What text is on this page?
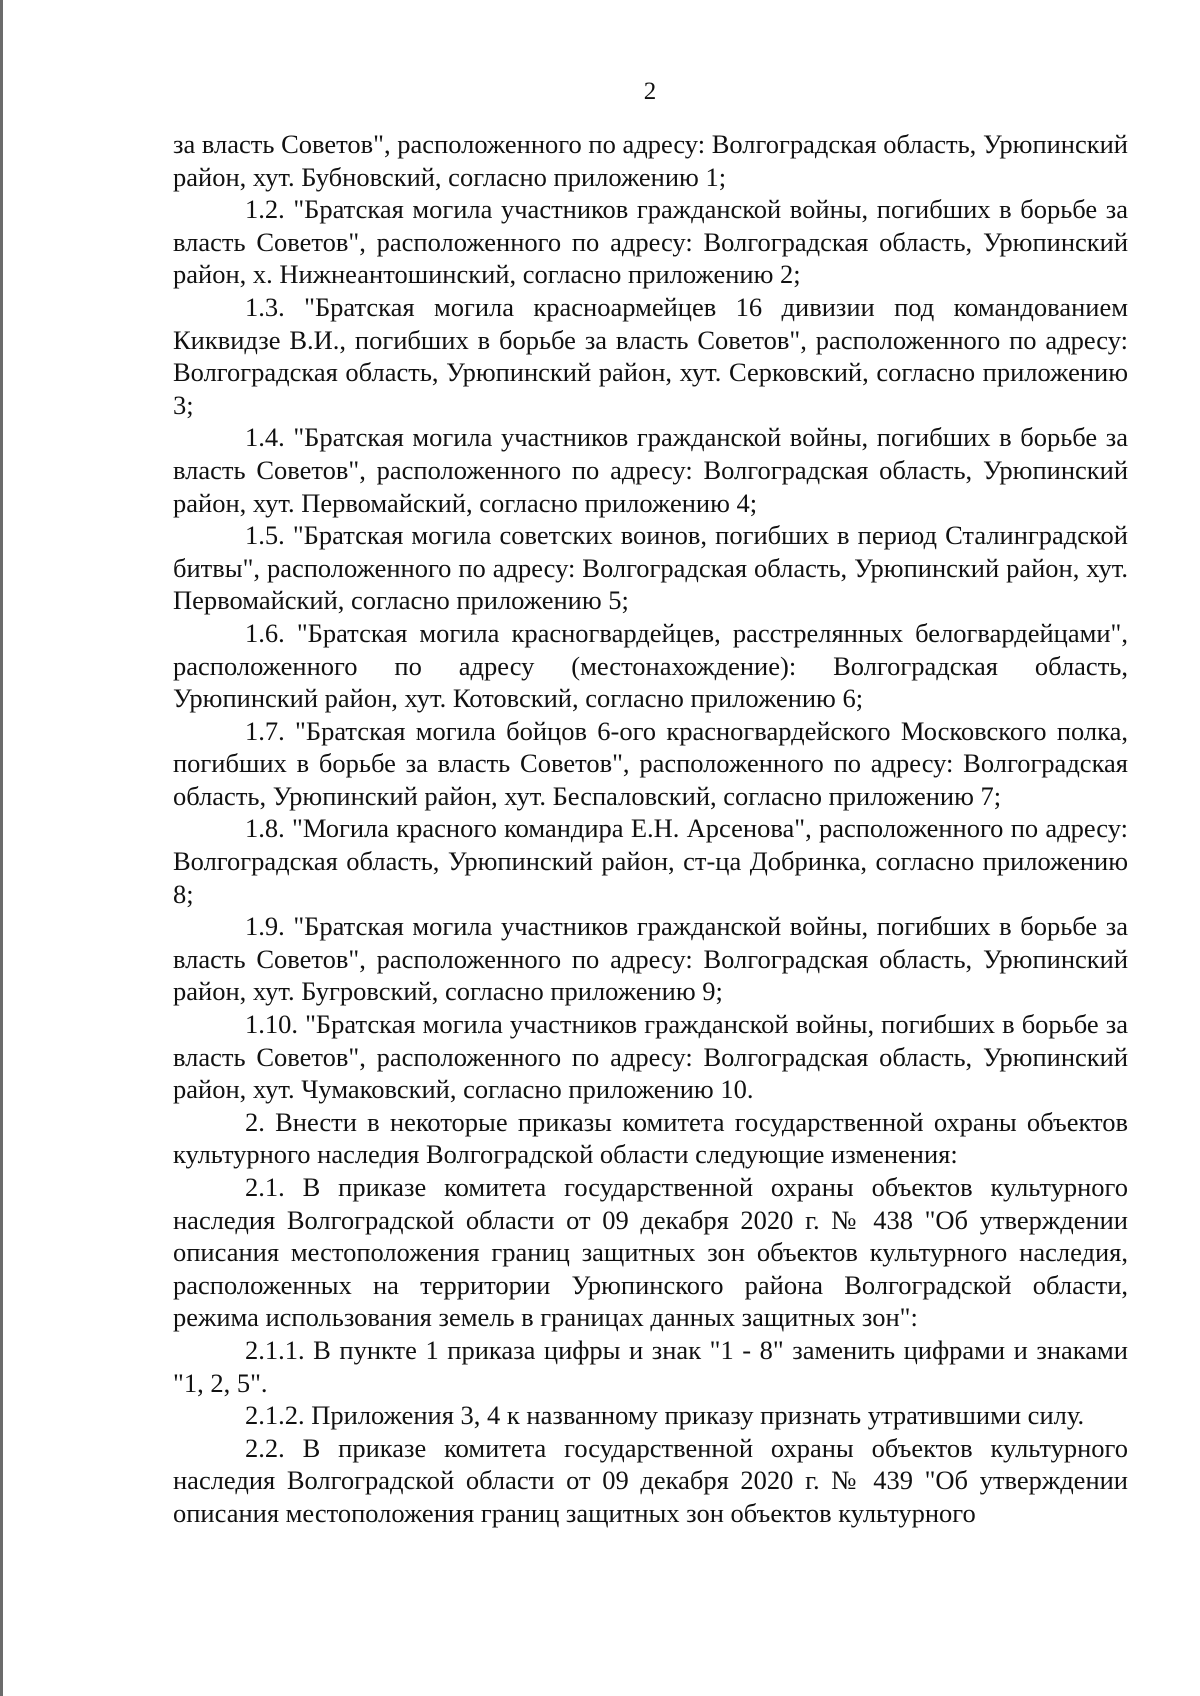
2

за власть Советов", расположенного по адресу: Волгоградская область, Урюпинский район, хут. Бубновский, согласно приложению 1;

1.2. "Братская могила участников гражданской войны, погибших в борьбе за власть Советов", расположенного по адресу: Волгоградская область, Урюпинский район, х. Нижнеантошинский, согласно приложению 2;

1.3. "Братская могила красноармейцев 16 дивизии под командованием Киквидзе В.И., погибших в борьбе за власть Советов", расположенного по адресу: Волгоградская область, Урюпинский район, хут. Серковский, согласно приложению 3;

1.4. "Братская могила участников гражданской войны, погибших в борьбе за власть Советов", расположенного по адресу: Волгоградская область, Урюпинский район, хут. Первомайский, согласно приложению 4;

1.5. "Братская могила советских воинов, погибших в период Сталинградской битвы", расположенного по адресу: Волгоградская область, Урюпинский район, хут. Первомайский, согласно приложению 5;

1.6. "Братская могила красногвардейцев, расстрелянных белогвардейцами", расположенного по адресу (местонахождение): Волгоградская область, Урюпинский район, хут. Котовский, согласно приложению 6;

1.7. "Братская могила бойцов 6-ого красногвардейского Московского полка, погибших в борьбе за власть Советов", расположенного по адресу: Волгоградская область, Урюпинский район, хут. Беспаловский, согласно приложению 7;

1.8. "Могила красного командира Е.Н. Арсенова", расположенного по адресу: Волгоградская область, Урюпинский район, ст-ца Добринка, согласно приложению 8;

1.9. "Братская могила участников гражданской войны, погибших в борьбе за власть Советов", расположенного по адресу: Волгоградская область, Урюпинский район, хут. Бугровский, согласно приложению 9;

1.10. "Братская могила участников гражданской войны, погибших в борьбе за власть Советов", расположенного по адресу: Волгоградская область, Урюпинский район, хут. Чумаковский, согласно приложению 10.

2. Внести в некоторые приказы комитета государственной охраны объектов культурного наследия Волгоградской области следующие изменения:

2.1. В приказе комитета государственной охраны объектов культурного наследия Волгоградской области от 09 декабря 2020 г. № 438 "Об утверждении описания местоположения границ защитных зон объектов культурного наследия, расположенных на территории Урюпинского района Волгоградской области, режима использования земель в границах данных защитных зон":

2.1.1. В пункте 1 приказа цифры и знак "1 - 8" заменить цифрами и знаками "1, 2, 5".

2.1.2. Приложения 3, 4 к названному приказу признать утратившими силу.

2.2. В приказе комитета государственной охраны объектов культурного наследия Волгоградской области от 09 декабря 2020 г. № 439 "Об утверждении описания местоположения границ защитных зон объектов культурного
